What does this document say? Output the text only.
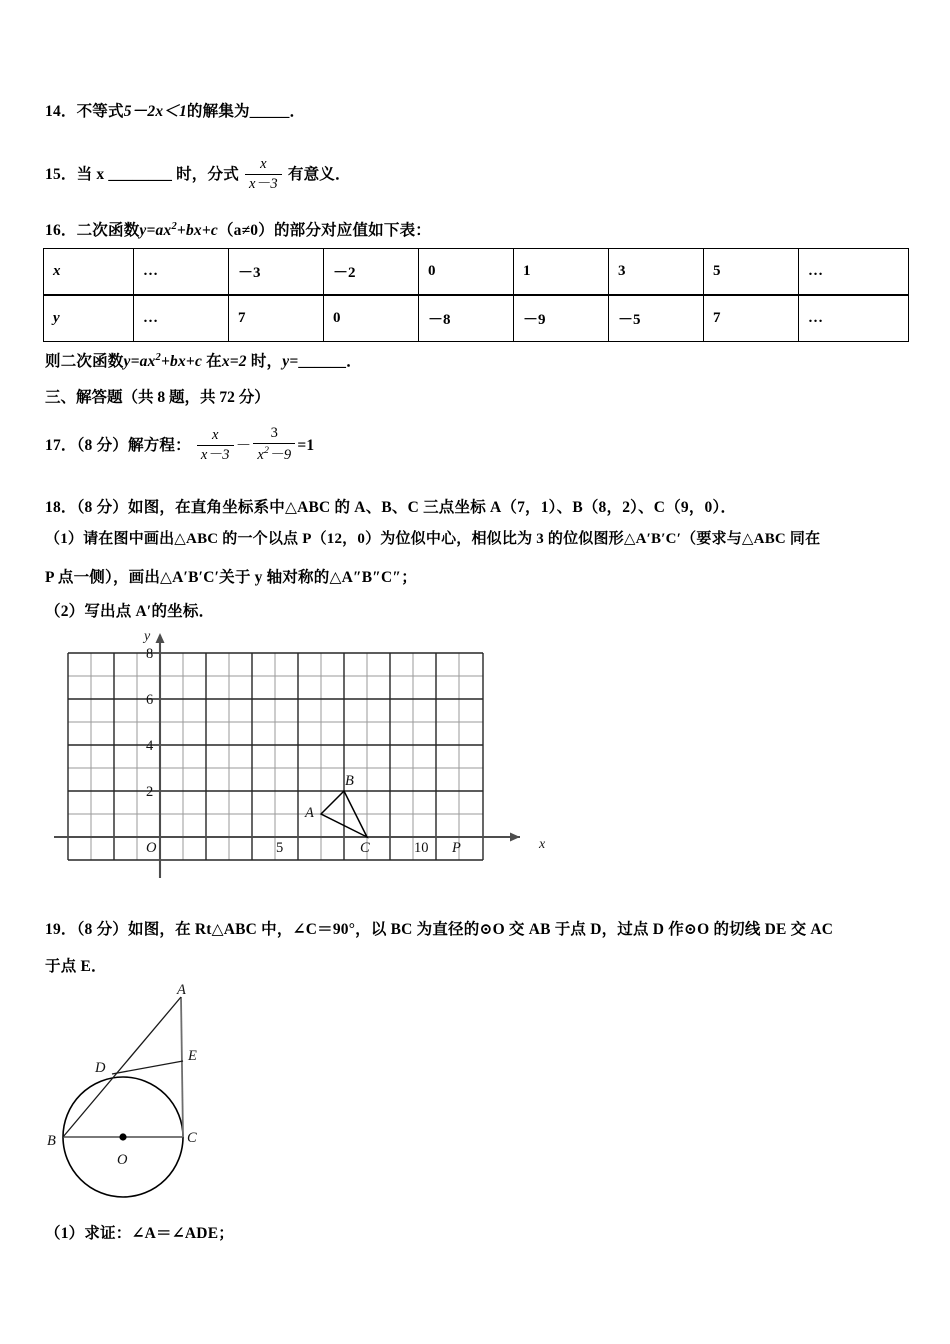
14．不等式5－2x＜1的解集为_____．
15．当 x ________ 时，分式 $\frac{x}{x-3}$ 有意义．
16．二次函数$y=ax^2+bx+c(a\ne 0)$的部分对应值如下表：
x	…	－3	－2	0	1	3	5	…
y	…	7	0	－8	－9	－5	7	…
则二次函数$y=ax^2+bx+c$ 在x=2 时，y=______．
三、解答题（共 8 题，共 72 分）
17．（8 分）解方程： $\frac{x}{x-3} - \frac{3}{x^2-9} =1$
18．（8 分）如图，在直角坐标系中△ABC 的 A、B、C 三点坐标 A（7，1）、B（8，2）、C（9，0）．
（1）请在图中画出△ABC 的一个以点 P（12，0）为位似中心，相似比为 3 的位似图形△A′B′C′（要求与△ABC 同在
P 点一侧），画出△A′B′C′关于 y 轴对称的△A″B″C″；
（2）写出点 A′的坐标．
x
y
O
2
4
6
8
5	10
A
B
C	P
19．（8 分）如图，在 Rt△ABC 中，∠C＝90°，以 BC 为直径的⊙O 交 AB 于点 D，过点 D 作⊙O 的切线 DE 交 AC
于点 E．
A
B	C
D
E
O
（1）求证：∠A＝∠ADE；
